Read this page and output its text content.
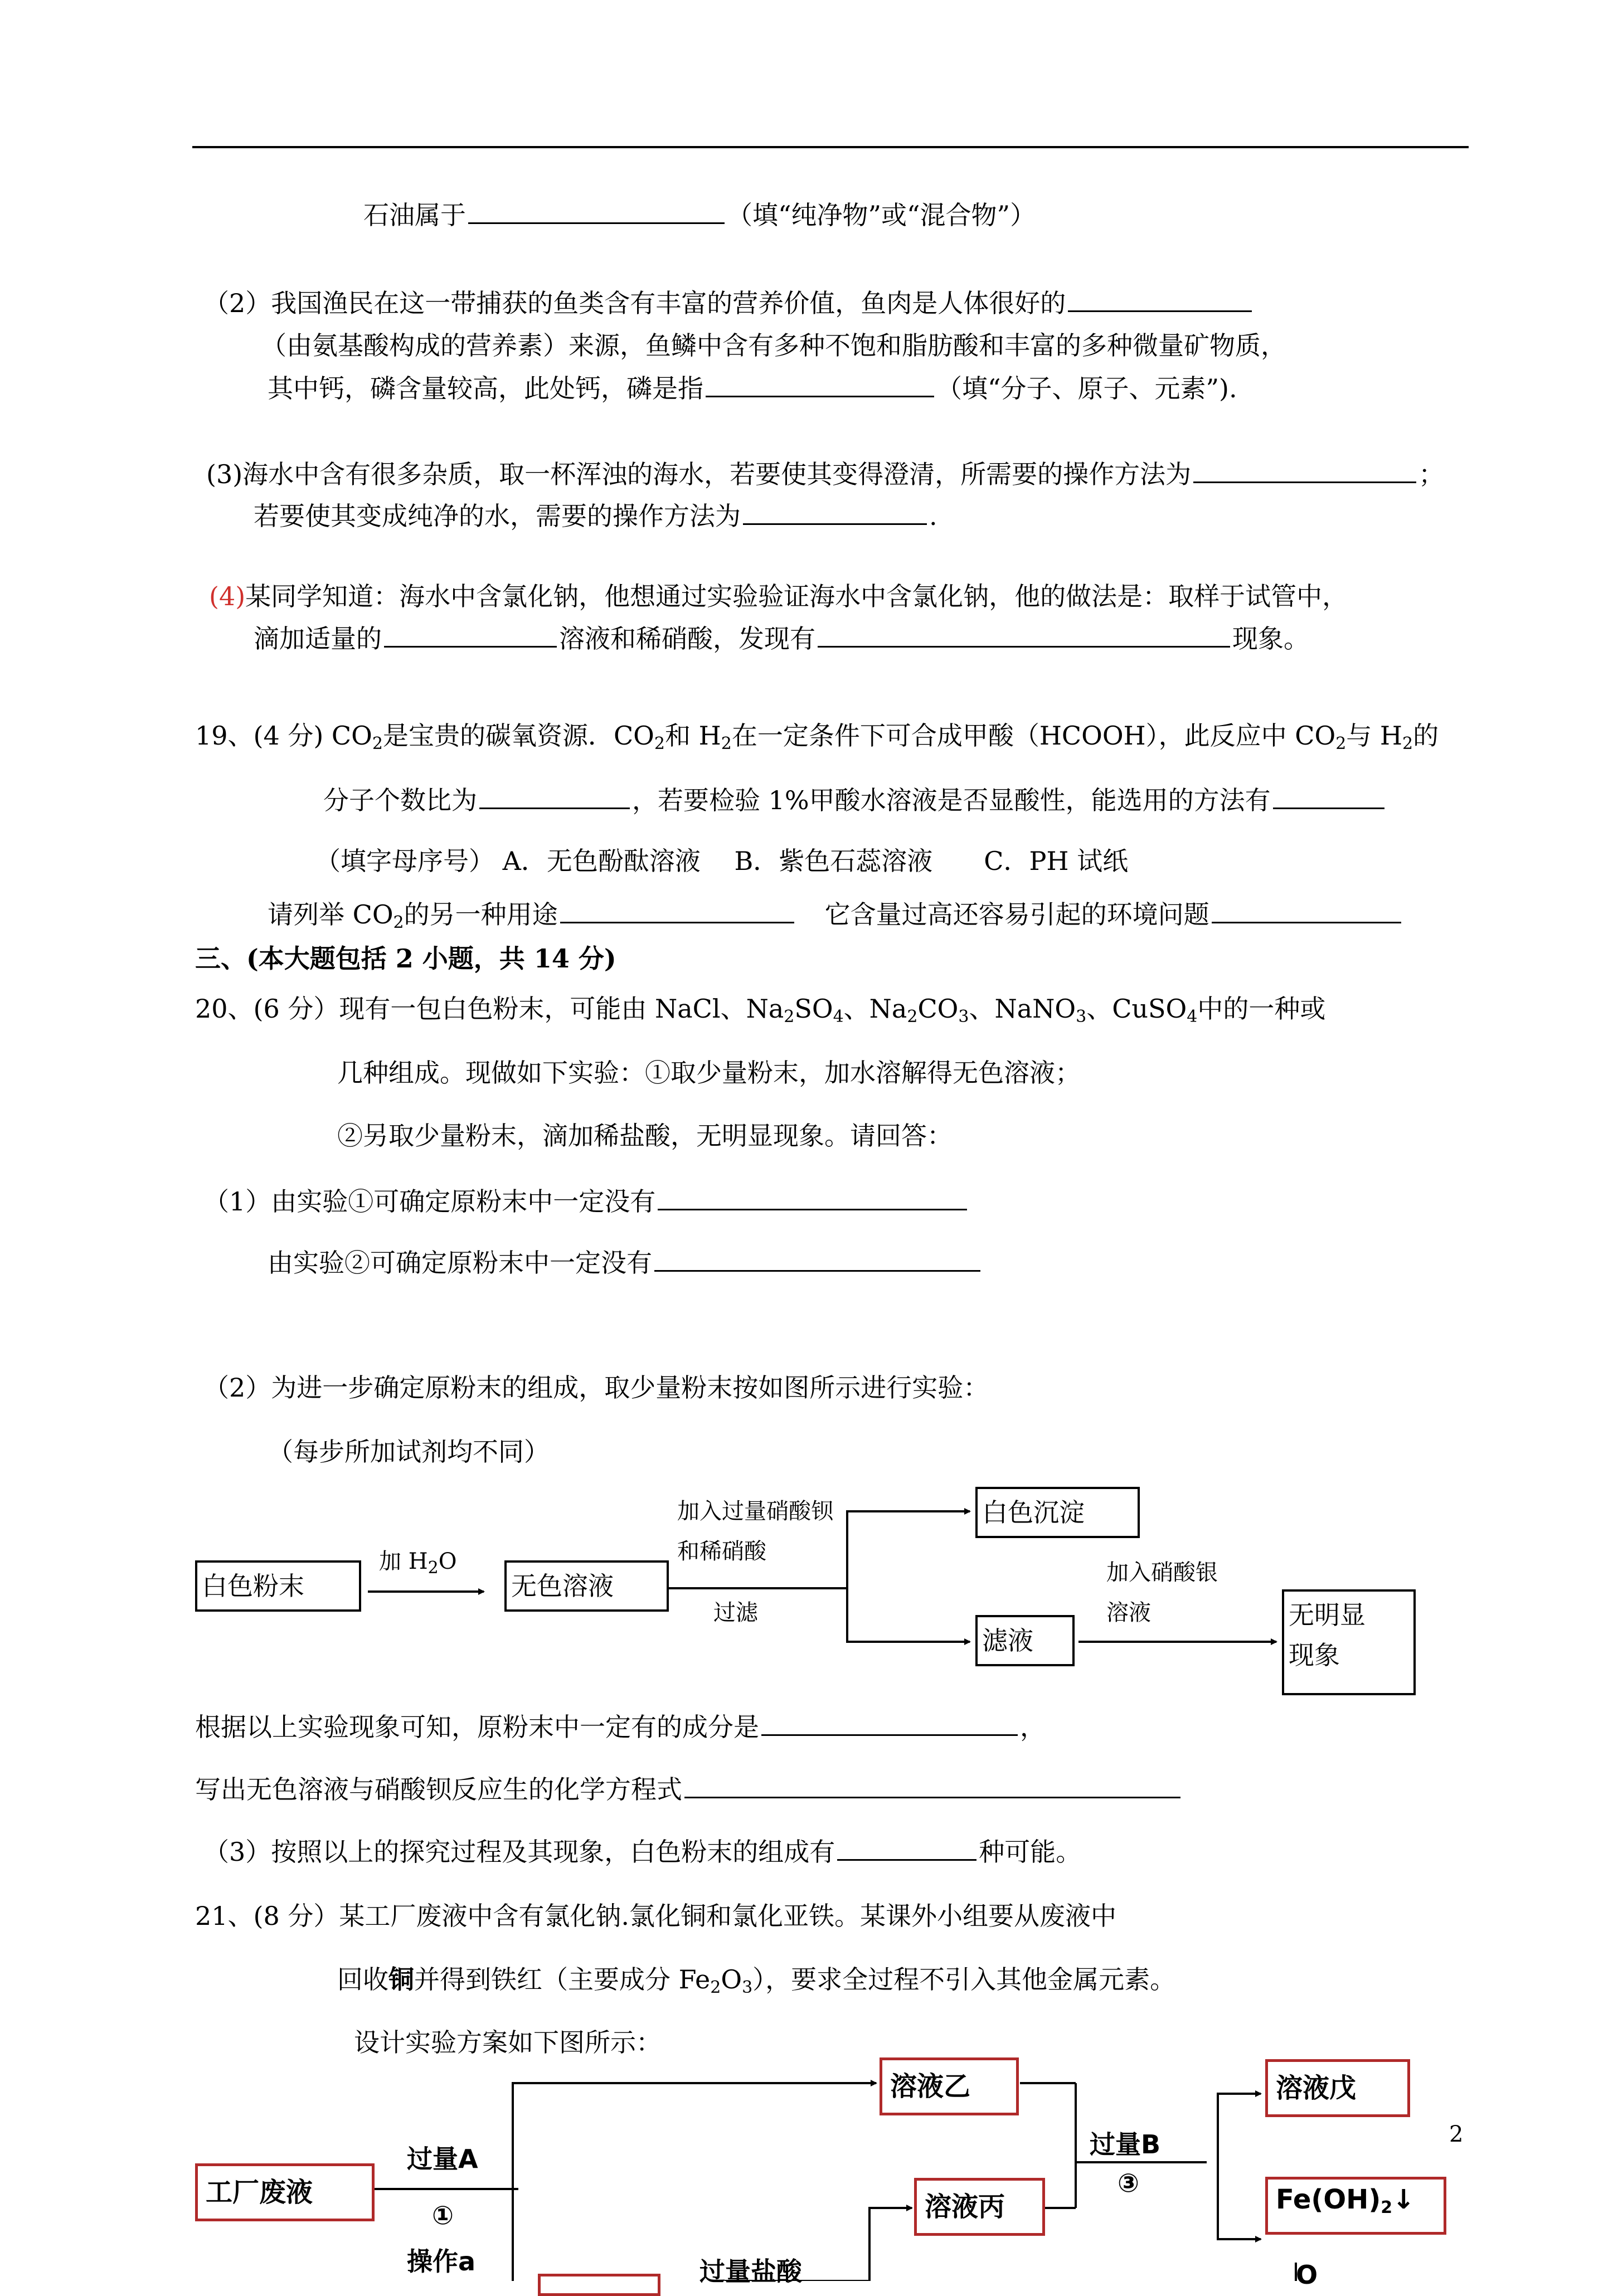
石油属于	（填“纯净物”或“混合物”）
（2）我国渔民在这一带捕获的鱼类含有丰富的营养价值，鱼肉是人体很好的
（由氨基酸构成的营养素）来源，鱼鳞中含有多种不饱和脂肪酸和丰富的多种微量矿物质，
其中钙，磷含量较高，此处钙，磷是指	（填“分子、原子、元素”).
(3)海水中含有很多杂质，取一杯浑浊的海水，若要使其变得澄清，所需要的操作方法为	；
若要使其变成纯净的水，需要的操作方法为	.
(4)某同学知道：海水中含氯化钠，他想通过实验验证海水中含氯化钠，他的做法是：取样于试管中，
滴加适量的	溶液和稀硝酸，发现有	现象。
19、(4 分) $CO_2$是宝贵的碳氧资源．$CO_2$和 $H_2$在一定条件下可合成甲酸（HCOOH），此反应中 $CO_2$与 $H_2$的
分子个数比为	，若要检验 1%甲酸水溶液是否显酸性，能选用的方法有
（填字母序号） A．无色酚酞溶液　 B．紫色石蕊溶液　　C．PH 试纸
请列举 $CO_2$的另一种用途	它含量过高还容易引起的环境问题
三、(本大题包括 2 小题，共 14 分)
20、(6 分）现有一包白色粉末，可能由 NaCl、$Na_2SO_4$、$Na_2CO_3$、NaNO$_3$、CuSO$_4$中的一种或
几种组成。现做如下实验：①取少量粉末，加水溶解得无色溶液；
②另取少量粉末，滴加稀盐酸，无明显现象。请回答：
（1）由实验①可确定原粉末中一定没有
由实验②可确定原粉末中一定没有
（2）为进一步确定原粉末的组成，取少量粉末按如图所示进行实验：
（每步所加试剂均不同）
白色粉末
加 $H_2O$
无色溶液
加入过量硝酸钡
和稀硝酸
过滤
白色沉淀
滤液
加入硝酸银
溶液	无明显
现象
根据以上实验现象可知，原粉末中一定有的成分是	，
写出无色溶液与硝酸钡反应生的化学方程式
（3）按照以上的探究过程及其现象，白色粉末的组成有	种可能。
21、(8 分）某工厂废液中含有氯化钠.氯化铜和氯化亚铁。某课外小组要从废液中
回收铜并得到铁红（主要成分 $Fe_2O_3$），要求全过程不引入其他金属元素。
设计实验方案如下图所示：
工厂废液
过量A
①
操作a
溶液乙
溶液丙
过量盐酸
过量B
③
溶液戊
$Fe(OH)_2↓$
O
2
